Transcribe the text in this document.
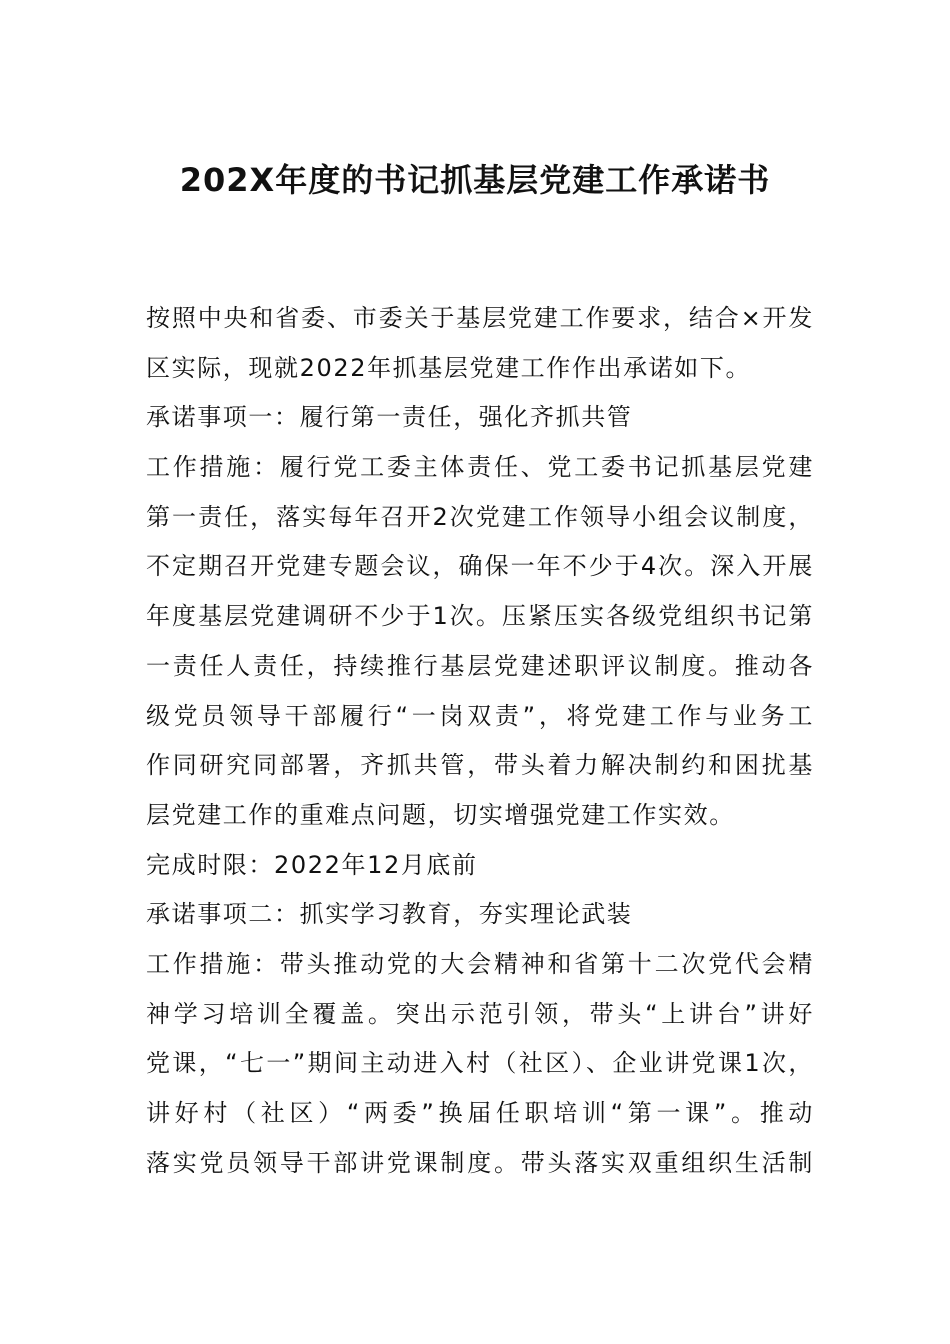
202X年度的书记抓基层党建工作承诺书
按照中央和省委、市委关于基层党建工作要求，结合×开发
区实际，现就2022年抓基层党建工作作出承诺如下。
承诺事项一：履行第一责任，强化齐抓共管
工作措施：履行党工委主体责任、党工委书记抓基层党建
第一责任，落实每年召开2次党建工作领导小组会议制度，
不定期召开党建专题会议，确保一年不少于4次。深入开展
年度基层党建调研不少于1次。压紧压实各级党组织书记第
一责任人责任，持续推行基层党建述职评议制度。推动各
级党员领导干部履行“一岗双责”，将党建工作与业务工
作同研究同部署，齐抓共管，带头着力解决制约和困扰基
层党建工作的重难点问题，切实增强党建工作实效。
完成时限：2022年12月底前
承诺事项二：抓实学习教育，夯实理论武装
工作措施：带头推动党的大会精神和省第十二次党代会精
神学习培训全覆盖。突出示范引领，带头“上讲台”讲好
党课，“七一”期间主动进入村（社区）、企业讲党课1次，
讲好村（社区）“两委”换届任职培训“第一课”。推动
落实党员领导干部讲党课制度。带头落实双重组织生活制
